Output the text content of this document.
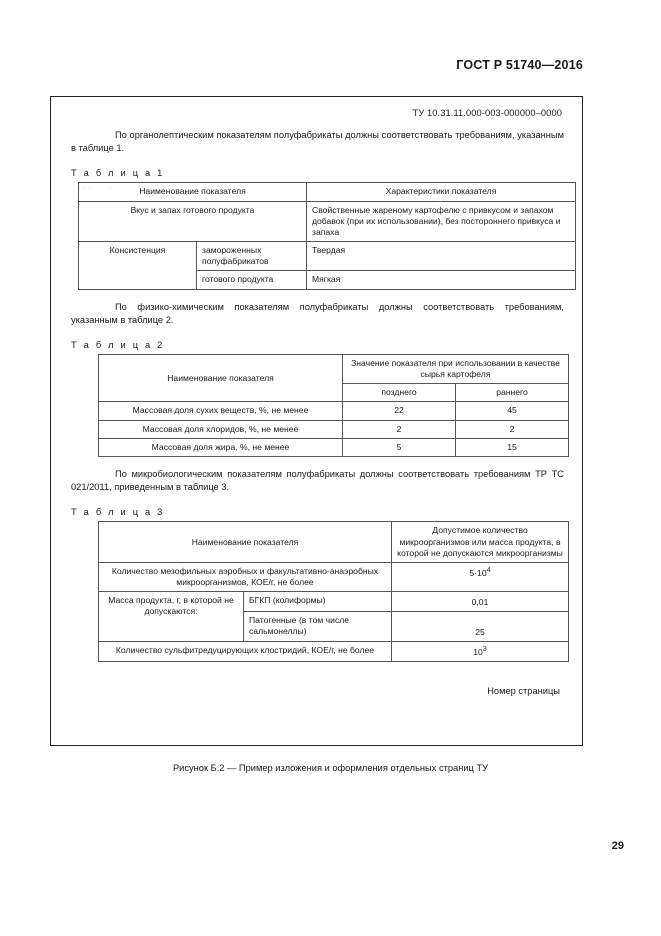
ГОСТ Р 51740—2016
···   ·
ТУ 10.31.11.000-003-000000–0000

По органолептическим показателям полуфабрикаты должны соответствовать требованиям, указанным в таблице 1.

Т а б л и ц а 1
Наименование показателя		Характеристики показателя
Вкус и запах готового продукта		Свойственные жареному картофелю с привкусом и запахом добавок (при их использовании), без постороннего привкуса и запаха
Консистенция	замороженных полуфабрикатов	Твердая
	готового продукта	Мягкая

По физико-химическим показателям полуфабрикаты должны соответствовать требованиям, указанным в таблице 2.

Т а б л и ц а 2
Наименование показателя	Значение показателя при использовании в качестве сырья картофеля	
	позднего	раннего
Массовая доля сухих веществ, %, не менее	22	45
Массовая доля хлоридов, %, не менее	2	2
Массовая доля жира, %, не менее	5	15

По микробиологическим показателям полуфабрикаты должны соответствовать требованиям ТР ТС 021/2011, приведенным в таблице 3.

Т а б л и ц а 3
Наименование показателя		Допустимое количество микроорганизмов или масса продукта, в которой не допускаются микроорганизмы
Количество мезофильных аэробных и факультативно-анаэробных микроорганизмов, КОЕ/г, не более		$5\cdot 10^4$
Масса продукта, г, в которой не допускаются:	БГКП (колиформы)	0,01
	Патогенные (в том числе сальмонеллы)	25
Количество сульфитредуцирующих клостридий, КОЕ/г, не более		$10^3$
Номер страницы
Рисунок Б.2 — Пример изложения и оформления отдельных страниц ТУ
29
